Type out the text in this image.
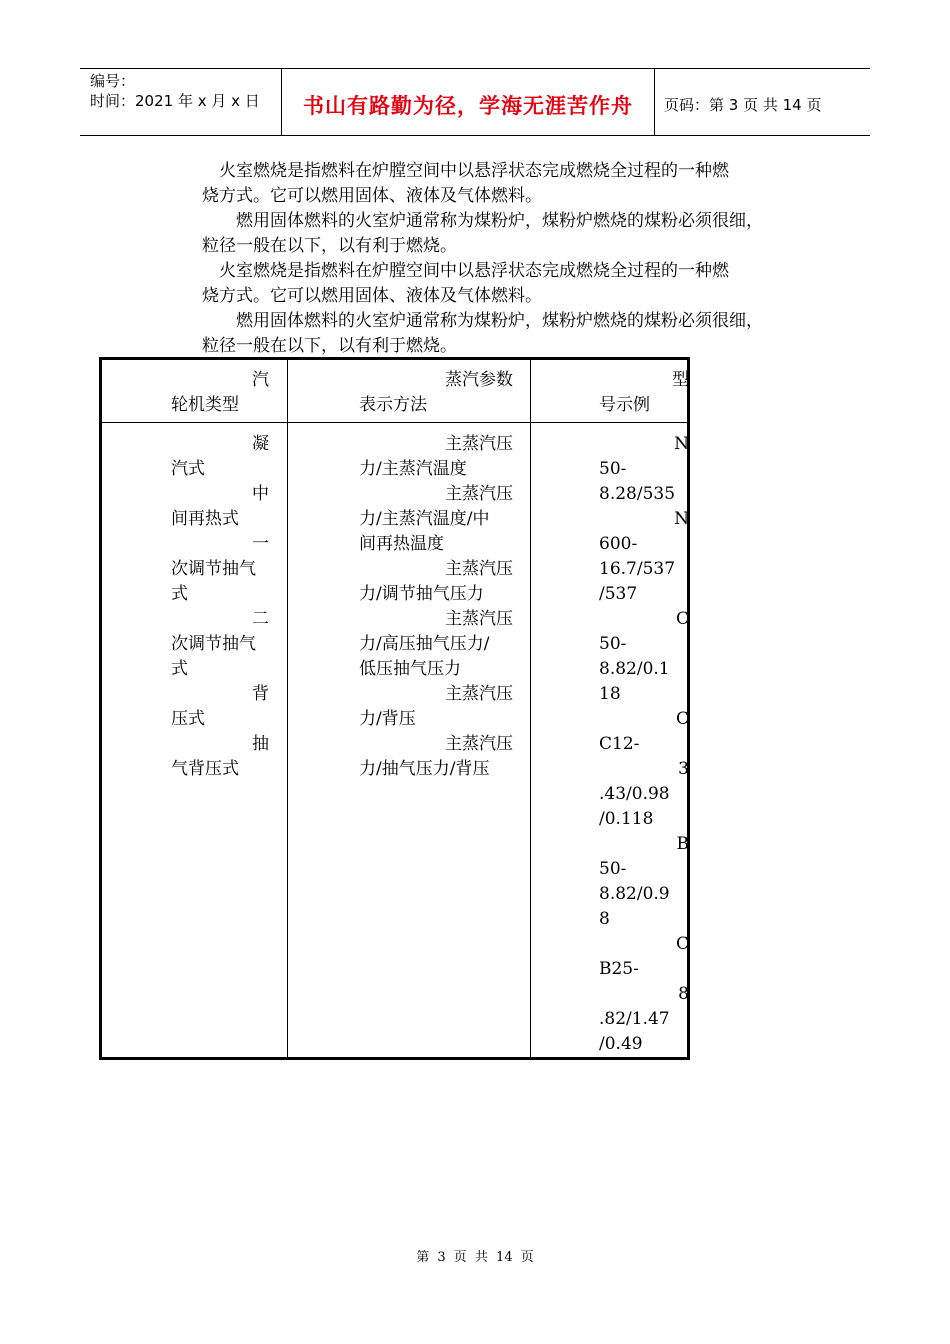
编号：
时间：2021 年 x 月 x 日	书山有路勤为径，学海无涯苦作舟	页码：第 3 页 共 14 页
　火室燃烧是指燃料在炉膛空间中以悬浮状态完成燃烧全过程的一种燃
烧方式。它可以燃用固体、液体及气体燃料。
　　燃用固体燃料的火室炉通常称为煤粉炉，煤粉炉燃烧的煤粉必须很细，
粒径一般在以下，以有利于燃烧。
　火室燃烧是指燃料在炉膛空间中以悬浮状态完成燃烧全过程的一种燃
烧方式。它可以燃用固体、液体及气体燃料。
　　燃用固体燃料的火室炉通常称为煤粉炉，煤粉炉燃烧的煤粉必须很细，
粒径一般在以下，以有利于燃烧。
汽
轮机类型
蒸汽参数
表示方法
型
号示例
凝
汽式
中
间再热式
一
次调节抽气
式
二
次调节抽气
式
背
压式
抽
气背压式
主蒸汽压
力/主蒸汽温度
主蒸汽压
力/主蒸汽温度/中
间再热温度
主蒸汽压
力/调节抽气压力
主蒸汽压
力/高压抽气压力/
低压抽气压力
主蒸汽压
力/背压
主蒸汽压
力/抽气压力/背压
N
50-
8.28/535
N
600-
16.7/537
/537
C
50-
8.82/0.1
18
C
C12-
3
.43/0.98
/0.118
B
50-
8.82/0.9
8
C
B25-
8
.82/1.47
/0.49
第 3 页 共 14 页
